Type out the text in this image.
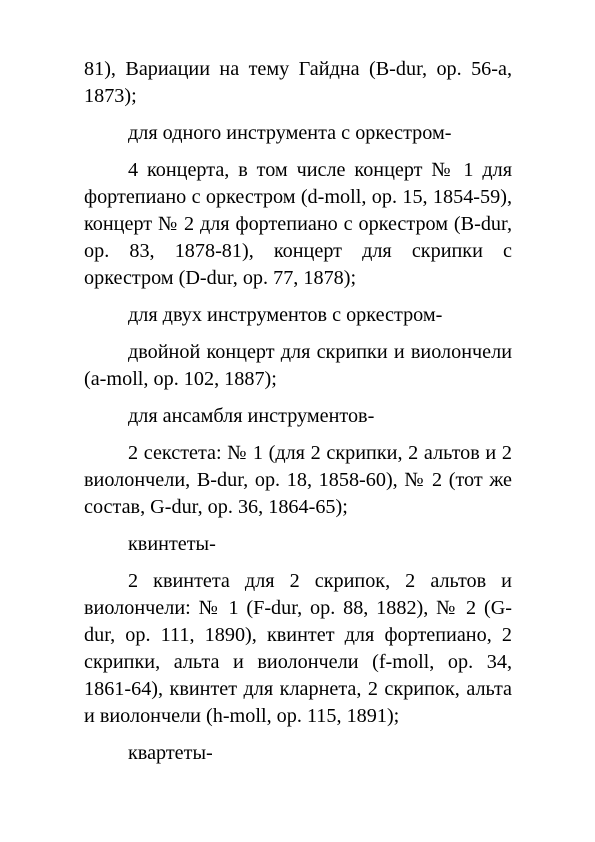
81), Вариации на тему Гайдна (B-dur, ор. 56-а, 1873);

для одного инструмента с оркестром-

4 концерта, в том числе концерт № 1 для фортепиано с оркестром (d-moll, ор. 15, 1854-59), концерт № 2 для фортепиано с оркестром (B-dur, ор. 83, 1878-81), концерт для скрипки с оркестром (D-dur, ор. 77, 1878);

для двух инструментов с оркестром-

двойной концерт для скрипки и виолончели (a-moll, ор. 102, 1887);

для ансамбля инструментов-

2 секстета: № 1 (для 2 скрипки, 2 альтов и 2 виолончели, B-dur, ор. 18, 1858-60), № 2 (тот же состав, G-dur, ор. 36, 1864-65);

квинтеты-

2 квинтета для 2 скрипок, 2 альтов и виолончели: № 1 (F-dur, ор. 88, 1882), № 2 (G-dur, ор. 111, 1890), квинтет для фортепиано, 2 скрипки, альта и виолончели (f-moll, ор. 34, 1861-64), квинтет для кларнета, 2 скрипок, альта и виолончели (h-moll, ор. 115, 1891);

квартеты-
